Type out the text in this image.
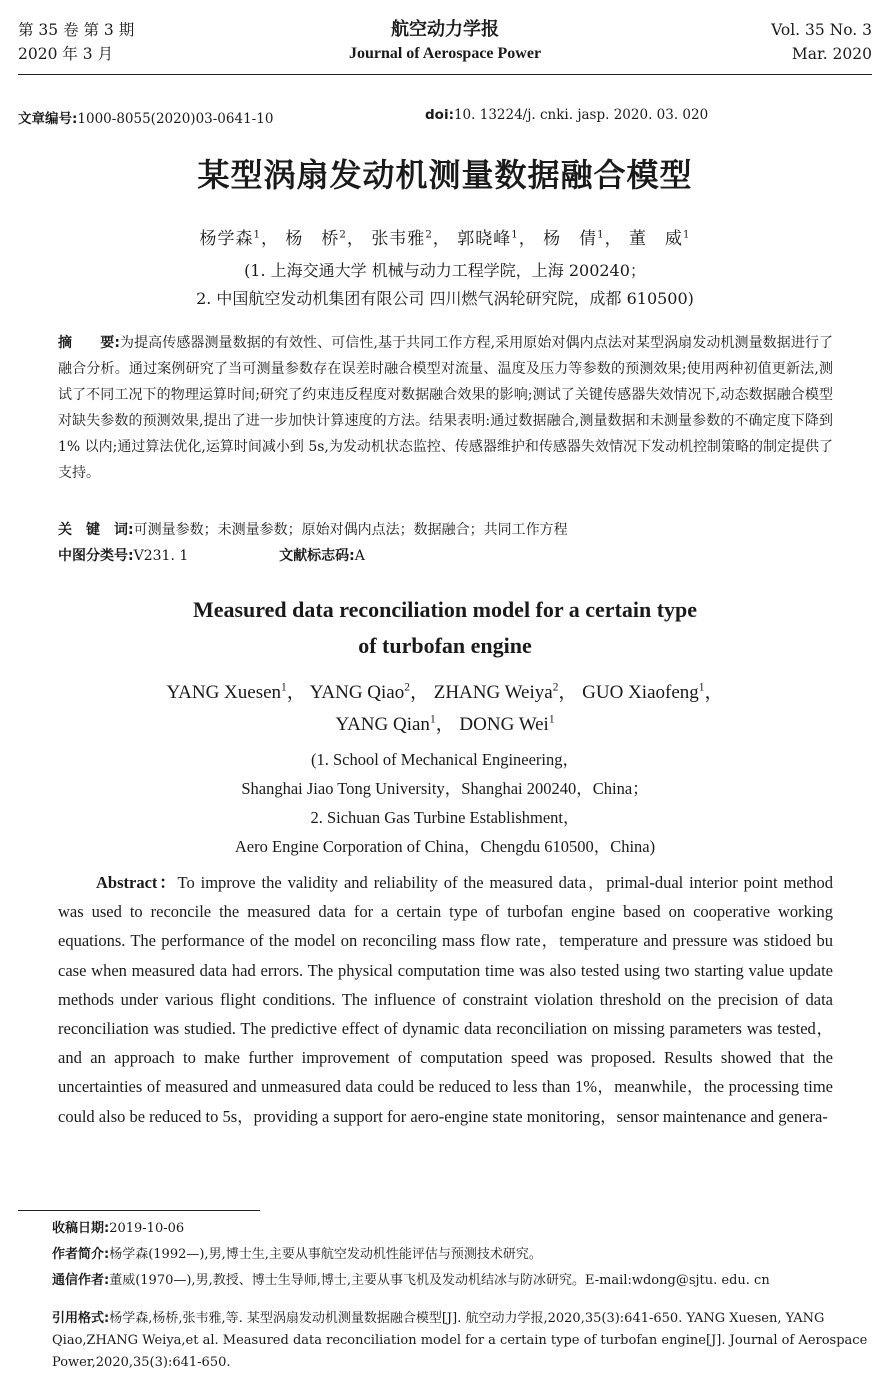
第 35 卷 第 3 期
2020 年 3 月
航空动力学报
Journal of Aerospace Power
Vol. 35 No. 3
Mar. 2020
文章编号:1000-8055(2020)03-0641-10	doi:10. 13224/j. cnki. jasp. 2020. 03. 020
某型涡扇发动机测量数据融合模型
杨学森$^1$， 杨　桥$^2$， 张韦雅$^2$， 郭晓峰$^1$， 杨　倩$^1$， 董　威$^1$
(1. 上海交通大学 机械与动力工程学院，上海 200240；
2. 中国航空发动机集团有限公司 四川燃气涡轮研究院，成都 610500)
摘　　要:为提高传感器测量数据的有效性、可信性,基于共同工作方程,采用原始对偶内点法对某型涡扇发动机测量数据进行了融合分析。通过案例研究了当可测量参数存在误差时融合模型对流量、温度及压力等参数的预测效果;使用两种初值更新法,测试了不同工况下的物理运算时间;研究了约束违反程度对数据融合效果的影响;测试了关键传感器失效情况下,动态数据融合模型对缺失参数的预测效果,提出了进一步加快计算速度的方法。结果表明:通过数据融合,测量数据和未测量参数的不确定度下降到 1% 以内;通过算法优化,运算时间减小到 5s,为发动机状态监控、传感器维护和传感器失效情况下发动机控制策略的制定提供了支持。
关　键　词:可测量参数；未测量参数；原始对偶内点法；数据融合；共同工作方程
中图分类号:V231. 1	文献标志码:A
Measured data reconciliation model for a certain type
of turbofan engine
YANG Xuesen$^1$， YANG Qiao$^2$， ZHANG Weiya$^2$， GUO Xiaofeng$^1$，
YANG Qian$^1$， DONG Wei$^1$
(1. School of Mechanical Engineering，
Shanghai Jiao Tong University，Shanghai 200240，China；
2. Sichuan Gas Turbine Establishment，
Aero Engine Corporation of China，Chengdu 610500，China)

Abstract：To improve the validity and reliability of the measured data，primal-dual interior point method was used to reconcile the measured data for a certain type of turbofan engine based on cooperative working equations. The performance of the model on reconciling mass flow rate，temperature and pressure was stidoed bu case when measured data had errors. The physical computation time was also tested using two starting value update methods under various flight conditions. The influence of constraint violation threshold on the precision of data reconciliation was studied. The predictive effect of dynamic data reconciliation on missing parameters was tested，and an approach to make further improvement of computation speed was proposed. Results showed that the uncertainties of measured and unmeasured data could be reduced to less than 1%，meanwhile，the processing time could also be reduced to 5s，providing a support for aero-engine state monitoring，sensor maintenance and genera-

收稿日期:2019-10-06
作者简介:杨学森(1992—),男,博士生,主要从事航空发动机性能评估与预测技术研究。
通信作者:董威(1970—),男,教授、博士生导师,博士,主要从事飞机及发动机结冰与防冰研究。E-mail:wdong@sjtu. edu. cn
引用格式:杨学森,杨桥,张韦雅,等. 某型涡扇发动机测量数据融合模型[J]. 航空动力学报,2020,35(3):641-650. YANG Xuesen, YANG Qiao,ZHANG Weiya,et al. Measured data reconciliation model for a certain type of turbofan engine[J]. Journal of Aerospace Power,2020,35(3):641-650.
